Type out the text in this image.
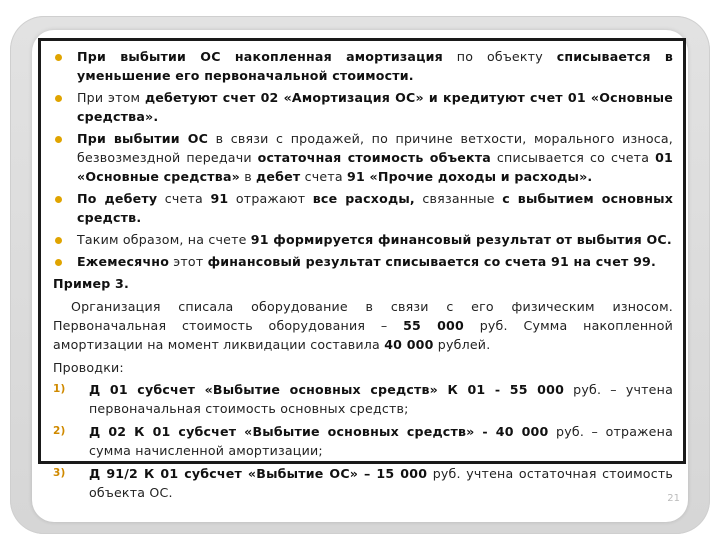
При выбытии ОС накопленная амортизация по объекту списывается в уменьшение его первоначальной стоимости.
При этом дебетуют счет 02 «Амортизация ОС» и кредитуют счет 01 «Основные средства».
При выбытии ОС в связи с продажей, по причине ветхости, морального износа, безвозмездной передачи остаточная стоимость объекта списывается со счета 01 «Основные средства» в дебет счета 91 «Прочие доходы и расходы».
По дебету счета 91 отражают все расходы, связанные с выбытием основных средств.
Таким образом, на счете 91 формируется финансовый результат от выбытия ОС.
Ежемесячно этот финансовый результат списывается со счета 91 на счет 99.
Пример 3.
Организация списала оборудование в связи с его физическим износом. Первоначальная стоимость оборудования – 55 000 руб. Сумма накопленной амортизации на момент ликвидации составила 40 000 рублей.
Проводки:
1) Д 01 субсчет «Выбытие основных средств» К 01 - 55 000 руб. – учтена первоначальная стоимость основных средств;
2) Д 02 К 01 субсчет «Выбытие основных средств» - 40 000 руб. – отражена сумма начисленной амортизации;
3) Д 91/2 К 01 субсчет «Выбытие ОС» – 15 000 руб. учтена остаточная стоимость объекта ОС.	21
